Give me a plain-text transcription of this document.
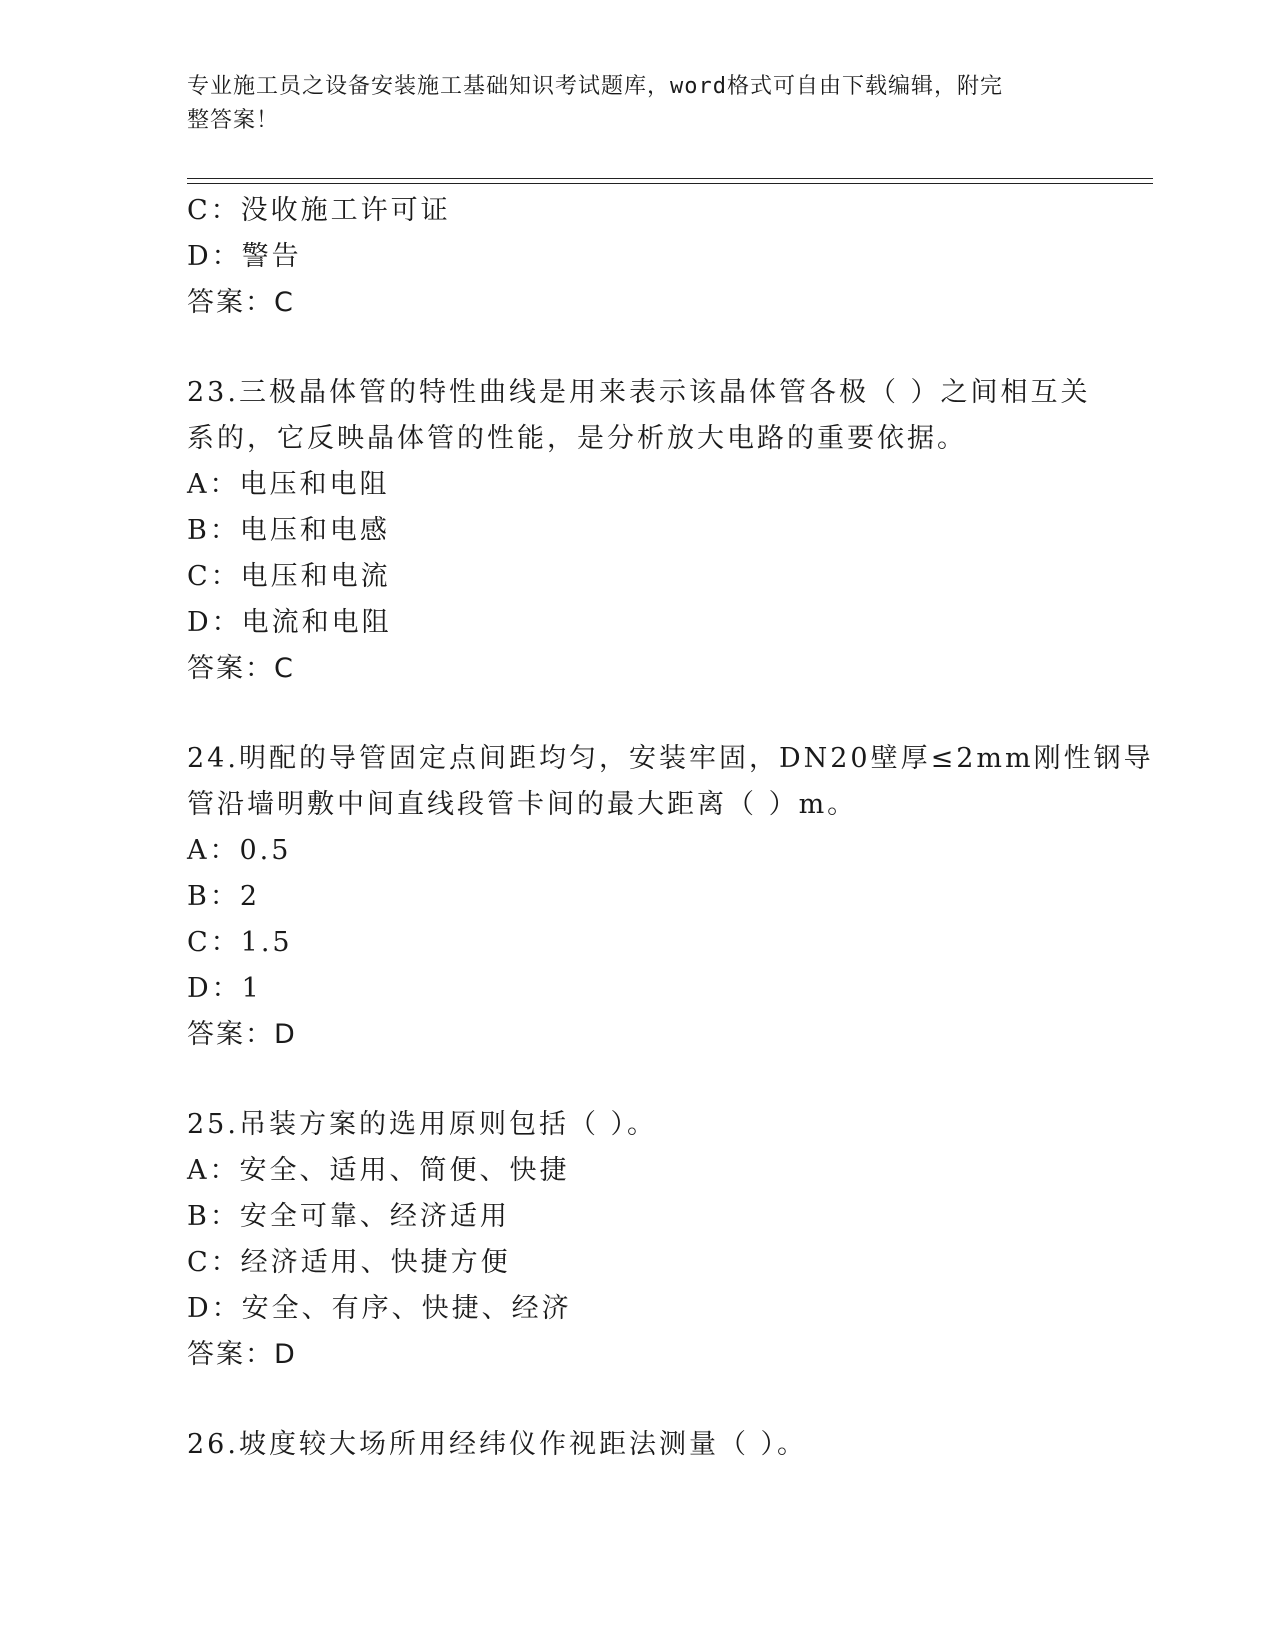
专业施工员之设备安装施工基础知识考试题库，word格式可自由下载编辑，附完
整答案！
C：没收施工许可证
D：警告
答案：C
23.三极晶体管的特性曲线是用来表示该晶体管各极（ ）之间相互关
系的，它反映晶体管的性能，是分析放大电路的重要依据。
A：电压和电阻
B：电压和电感
C：电压和电流
D：电流和电阻
答案：C
24.明配的导管固定点间距均匀，安装牢固，DN20壁厚≤2mm刚性钢导
管沿墙明敷中间直线段管卡间的最大距离（ ）m。
A：0.5
B：2
C：1.5
D：1
答案：D
25.吊装方案的选用原则包括（ ）。
A：安全、适用、简便、快捷
B：安全可靠、经济适用
C：经济适用、快捷方便
D：安全、有序、快捷、经济
答案：D
26.坡度较大场所用经纬仪作视距法测量（ ）。
